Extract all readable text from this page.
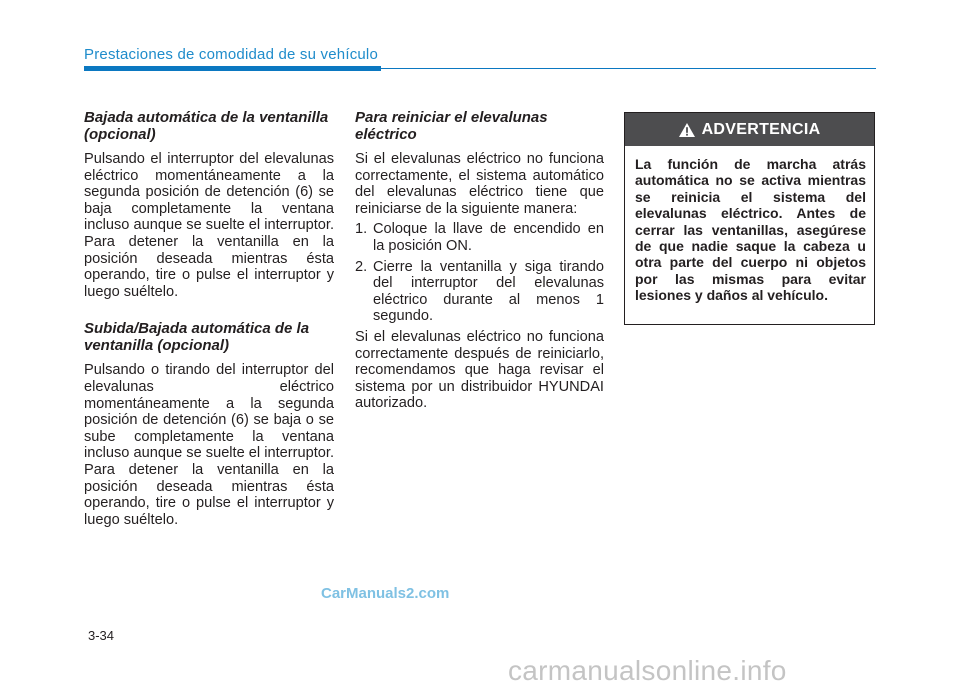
Prestaciones de comodidad de su vehículo
Bajada automática de la ventanilla (opcional)

Pulsando el interruptor del elevalunas eléctrico momentáneamente a la segunda posición de detención (6) se baja completamente la ventana incluso aunque se suelte el interruptor. Para detener la ventanilla en la posición deseada mientras ésta operando, tire o pulse el interruptor y luego suéltelo.

Subida/Bajada automática de la ventanilla (opcional)

Pulsando o tirando del interruptor del elevalunas eléctrico momentáneamente a la segunda posición de detención (6) se baja o se sube completamente la ventana incluso aunque se suelte el interruptor. Para detener la ventanilla en la posición deseada mientras ésta operando, tire o pulse el interruptor y luego suéltelo.

Para reiniciar el elevalunas eléctrico

Si el elevalunas eléctrico no funciona correctamente, el sistema automático del elevalunas eléctrico tiene que reiniciarse de la siguiente manera:

1. Coloque la llave de encendido en la posición ON.
2. Cierre la ventanilla y siga tirando del interruptor del elevalunas eléctrico durante al menos 1 segundo.

Si el elevalunas eléctrico no funciona correctamente después de reiniciarlo, recomendamos que haga revisar el sistema por un distribuidor HYUNDAI autorizado.

ADVERTENCIA
La función de marcha atrás automática no se activa mientras se reinicia el sistema del elevalunas eléctrico. Antes de cerrar las ventanillas, asegúrese de que nadie saque la cabeza u otra parte del cuerpo ni objetos por las mismas para evitar lesiones y daños al vehículo.
CarManuals2.com
3-34
carmanualsonline.info
